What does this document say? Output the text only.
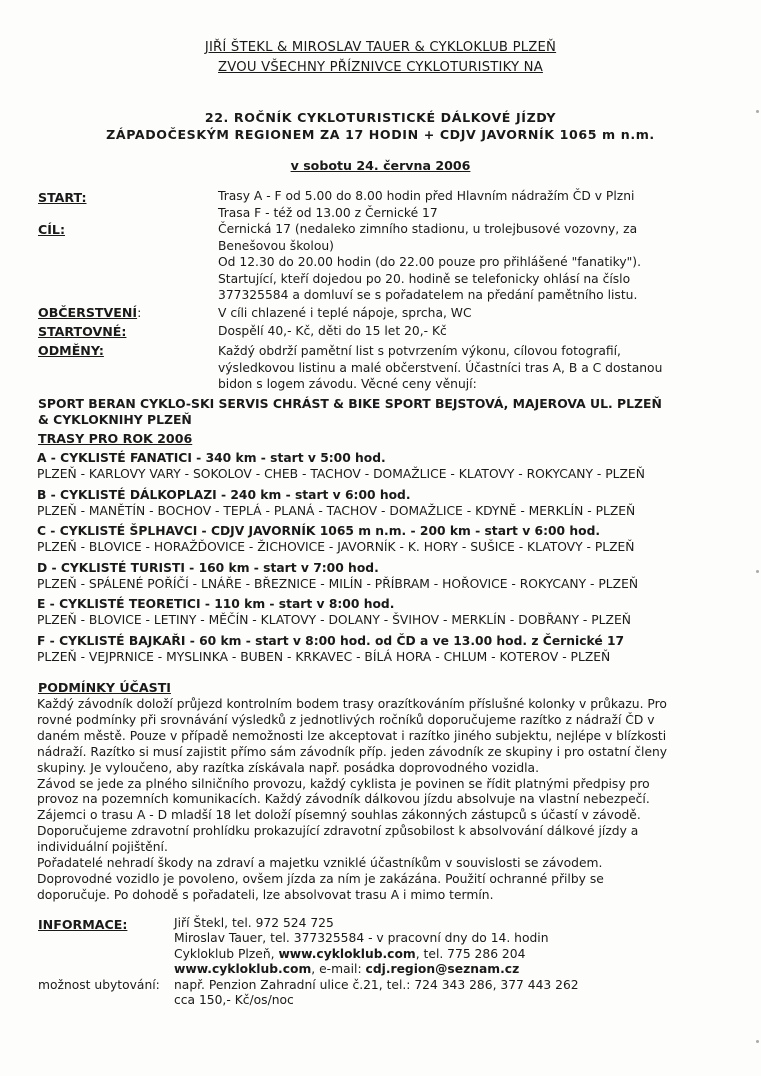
JIŘÍ ŠTEKL & MIROSLAV TAUER & CYKLOKLUB PLZEŇ
ZVOU VŠECHNY PŘÍZNIVCE CYKLOTURISTIKY NA
22. ROČNÍK CYKLOTURISTICKÉ DÁLKOVÉ JÍZDY
ZÁPADOČESKÝM REGIONEM ZA 17 HODIN + CDJV JAVORNÍK 1065 m n.m.
v sobotu 24. června 2006
START:	Trasy A - F od 5.00 do 8.00 hodin před Hlavním nádražím ČD v Plzni
Trasa F - též od 13.00 z Černické 17
CÍL:	Černická 17 (nedaleko zimního stadionu, u trolejbusové vozovny, za
Benešovou školou)
Od 12.30 do 20.00 hodin (do 22.00 pouze pro přihlášené "fanatiky").
Startující, kteří dojedou po 20. hodině se telefonicky ohlásí na číslo
377325584 a domluví se s pořadatelem na předání pamětního listu.
OBČERSTVENÍ:	V cíli chlazené i teplé nápoje, sprcha, WC
STARTOVNÉ:	Dospělí 40,- Kč, děti do 15 let 20,- Kč
ODMĚNY:	Každý obdrží pamětní list s potvrzením výkonu, cílovou fotografií,
výsledkovou listinu a malé občerstvení. Účastníci tras A, B a C dostanou
bidon s logem závodu. Věcné ceny věnují:
SPORT BERAN CYKLO-SKI SERVIS CHRÁST & BIKE SPORT BEJSTOVÁ, MAJEROVA UL. PLZEŇ
& CYKLOKNIHY PLZEŇ
TRASY PRO ROK 2006
A - CYKLISTÉ FANATICI - 340 km - start v 5:00 hod.
PLZEŇ - KARLOVY VARY - SOKOLOV - CHEB - TACHOV - DOMAŽLICE - KLATOVY - ROKYCANY - PLZEŇ
B - CYKLISTÉ DÁLKOPLAZI - 240 km - start v 6:00 hod.
PLZEŇ - MANĚTÍN - BOCHOV - TEPLÁ - PLANÁ - TACHOV - DOMAŽLICE - KDYNĚ - MERKLÍN - PLZEŇ
C - CYKLISTÉ ŠPLHAVCI - CDJV JAVORNÍK 1065 m n.m. - 200 km - start v 6:00 hod.
PLZEŇ - BLOVICE - HORAŽĎOVICE - ŽICHOVICE - JAVORNÍK - K. HORY - SUŠICE - KLATOVY - PLZEŇ
D - CYKLISTÉ TURISTI - 160 km - start v 7:00 hod.
PLZEŇ - SPÁLENÉ POŘÍČÍ - LNÁŘE - BŘEZNICE - MILÍN - PŘÍBRAM - HOŘOVICE - ROKYCANY - PLZEŇ
E - CYKLISTÉ TEORETICI - 110 km - start v 8:00 hod.
PLZEŇ - BLOVICE - LETINY - MĚČÍN - KLATOVY - DOLANY - ŠVIHOV - MERKLÍN - DOBŘANY - PLZEŇ
F - CYKLISTÉ BAJKAŘI - 60 km - start v 8:00 hod. od ČD a ve 13.00 hod. z Černické 17
PLZEŇ - VEJPRNICE - MYSLINKA - BUBEN - KRKAVEC - BÍLÁ HORA - CHLUM - KOTEROV - PLZEŇ
PODMÍNKY ÚČASTI
Každý závodník doloží průjezd kontrolním bodem trasy orazítkováním příslušné kolonky v průkazu. Pro
rovné podmínky při srovnávání výsledků z jednotlivých ročníků doporučujeme razítko z nádraží ČD v
daném městě. Pouze v případě nemožnosti lze akceptovat i razítko jiného subjektu, nejlépe v blízkosti
nádraží. Razítko si musí zajistit přímo sám závodník příp. jeden závodník ze skupiny i pro ostatní členy
skupiny. Je vyloučeno, aby razítka získávala např. posádka doprovodného vozidla.
Závod se jede za plného silničního provozu, každý cyklista je povinen se řídit platnými předpisy pro
provoz na pozemních komunikacích. Každý závodník dálkovou jízdu absolvuje na vlastní nebezpečí.
Zájemci o trasu A - D mladší 18 let doloží písemný souhlas zákonných zástupců s účastí v závodě.
Doporučujeme zdravotní prohlídku prokazující zdravotní způsobilost k absolvování dálkové jízdy a
individuální pojištění.
Pořadatelé nehradí škody na zdraví a majetku vzniklé účastníkům v souvislosti se závodem.
Doprovodné vozidlo je povoleno, ovšem jízda za ním je zakázána. Použití ochranné přilby se
doporučuje. Po dohodě s pořadateli, lze absolvovat trasu A i mimo termín.
INFORMACE:	Jiří Štekl, tel. 972 524 725
Miroslav Tauer, tel. 377325584 - v pracovní dny do 14. hodin
Cykloklub Plzeň, www.cykloklub.com, tel. 775 286 204
www.cykloklub.com, e-mail: cdj.region@seznam.cz
možnost ubytování: např. Penzion Zahradní ulice č.21, tel.: 724 343 286, 377 443 262
cca 150,- Kč/os/noc
